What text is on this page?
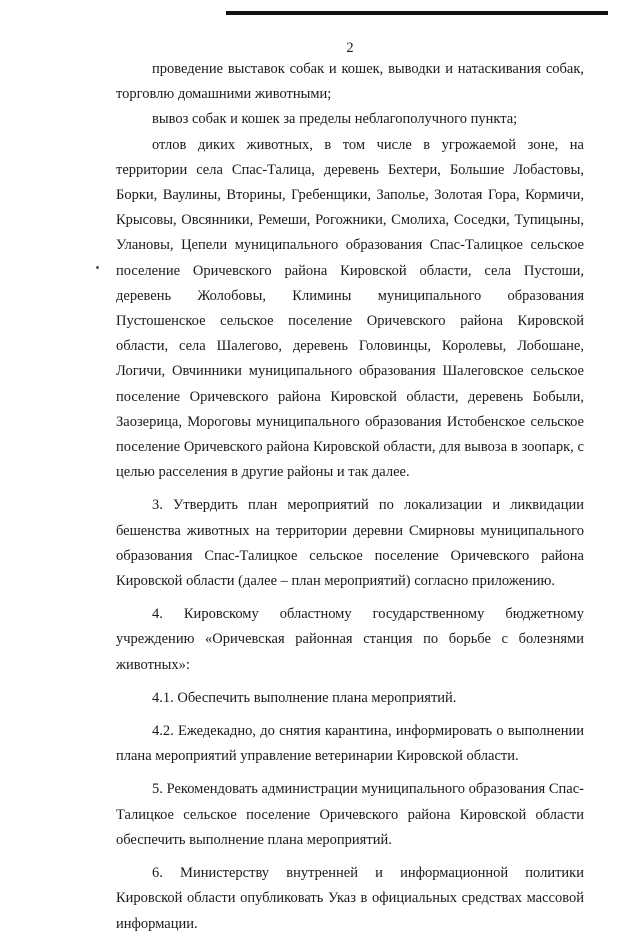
2

проведение выставок собак и кошек, выводки и натаскивания собак, торговлю домашними животными;

вывоз собак и кошек за пределы неблагополучного пункта;

отлов диких животных, в том числе в угрожаемой зоне, на территории села Спас-Талица, деревень Бехтери, Большие Лобастовы, Борки, Ваулины, Вторины, Гребенщики, Заполье, Золотая Гора, Кормичи, Крысовы, Овсянники, Ремеши, Рогожники, Смолиха, Соседки, Тупицыны, Улановы, Цепели муниципального образования Спас-Талицкое сельское поселение Оричевского района Кировской области, села Пустоши, деревень Жолобовы, Климины муниципального образования Пустошенское сельское поселение Оричевского района Кировской области, села Шалегово, деревень Головинцы, Королевы, Лобошане, Логичи, Овчинники муниципального образования Шалеговское сельское поселение Оричевского района Кировской области, деревень Бобыли, Заозерица, Мороговы муниципального образования Истобенское сельское поселение Оричевского района Кировской области, для вывоза в зоопарк, с целью расселения в другие районы и так далее.

3. Утвердить план мероприятий по локализации и ликвидации бешенства животных на территории деревни Смирновы муниципального образования Спас-Талицкое сельское поселение Оричевского района Кировской области (далее – план мероприятий) согласно приложению.

4. Кировскому областному государственному бюджетному учреждению «Оричевская районная станция по борьбе с болезнями животных»:

4.1. Обеспечить выполнение плана мероприятий.

4.2. Ежедекадно, до снятия карантина, информировать о выполнении плана мероприятий управление ветеринарии Кировской области.

5. Рекомендовать администрации муниципального образования Спас-Талицкое сельское поселение Оричевского района Кировской области обеспечить выполнение плана мероприятий.

6. Министерству внутренней и информационной политики Кировской области опубликовать Указ в официальных средствах массовой информации.
